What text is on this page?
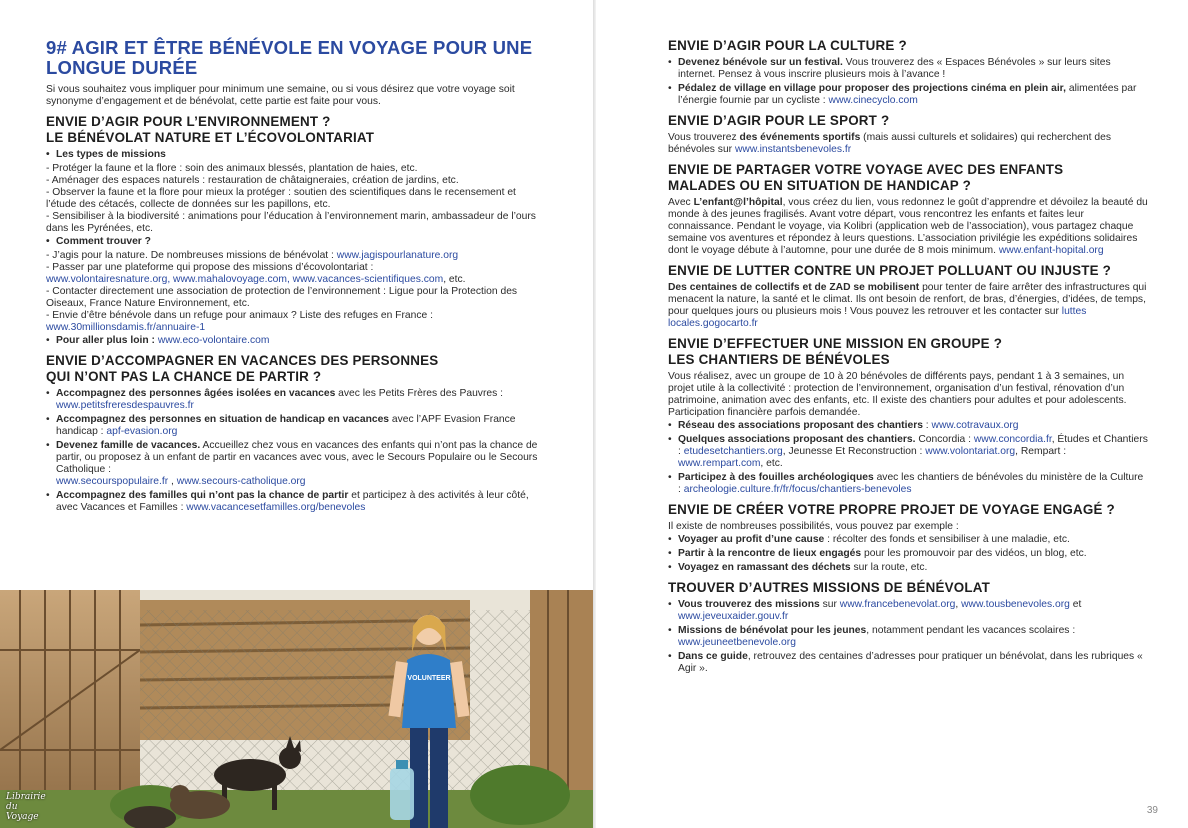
9# AGIR ET ÊTRE BÉNÉVOLE EN VOYAGE POUR UNE LONGUE DURÉE
Si vous souhaitez vous impliquer pour minimum une semaine, ou si vous désirez que votre voyage soit synonyme d’engagement et de bénévolat, cette partie est faite pour vous.
ENVIE D’AGIR POUR L’ENVIRONNEMENT ?
LE BÉNÉVOLAT NATURE ET L’ÉCOVOLONTARIAT
• Les types de missions
- Protéger la faune et la flore : soin des animaux blessés, plantation de haies, etc.
- Aménager des espaces naturels : restauration de châtaigneraies, création de jardins, etc.
- Observer la faune et la flore pour mieux la protéger : soutien des scientifiques dans le recensement et l’étude des cétacés, collecte de données sur les papillons, etc.
- Sensibiliser à la biodiversité : animations pour l’éducation à l’environnement marin, ambassadeur de l’ours dans les Pyrénées, etc.
• Comment trouver ?
- J’agis pour la nature. De nombreuses missions de bénévolat : www.jagispourlanature.org
- Passer par une plateforme qui propose des missions d’écovolontariat :
www.volontairesnature.org, www.mahalovoyage.com, www.vacances-scientifiques.com, etc.
- Contacter directement une association de protection de l’environnement : Ligue pour la Protection des Oiseaux, France Nature Environnement, etc.
- Envie d’être bénévole dans un refuge pour animaux ? Liste des refuges en France :
www.30millionsdamis.fr/annuaire-1
• Pour aller plus loin : www.eco-volontaire.com
ENVIE D’ACCOMPAGNER EN VACANCES DES PERSONNES
QUI N’ONT PAS LA CHANCE DE PARTIR ?
• Accompagnez des personnes âgées isolées en vacances avec les Petits Frères des Pauvres : www.petitsfreresdespauvres.fr
• Accompagnez des personnes en situation de handicap en vacances avec l’APF Evasion France handicap : apf-evasion.org
• Devenez famille de vacances. Accueillez chez vous en vacances des enfants qui n’ont pas la chance de partir, ou proposez à un enfant de partir en vacances avec vous, avec le Secours Populaire ou le Secours Catholique :
www.secourspopulaire.fr , www.secours-catholique.org
• Accompagnez des familles qui n’ont pas la chance de partir et participez à des activités à leur côté, avec Vacances et Familles : www.vacancesetfamilles.org/benevoles
VOLUNTEER
Librairie du Voyage
ENVIE D’AGIR POUR LA CULTURE ?
• Devenez bénévole sur un festival. Vous trouverez des « Espaces Bénévoles » sur leurs sites internet. Pensez à vous inscrire plusieurs mois à l’avance !
• Pédalez de village en village pour proposer des projections cinéma en plein air, alimentées par l’énergie fournie par un cycliste : www.cinecyclo.com
ENVIE D’AGIR POUR LE SPORT ?
Vous trouverez des événements sportifs (mais aussi culturels et solidaires) qui recherchent des bénévoles sur www.instantsbenevoles.fr
ENVIE DE PARTAGER VOTRE VOYAGE AVEC DES ENFANTS
MALADES OU EN SITUATION DE HANDICAP ?
Avec L’enfant@l’hôpital, vous créez du lien, vous redonnez le goût d’apprendre et dévoilez la beauté du monde à des jeunes fragilisés. Avant votre départ, vous rencontrez les enfants et faites leur connaissance. Pendant le voyage, via Kolibri (application web de l’association), vous partagez chaque semaine vos aventures et répondez à leurs questions. L’association privilégie les expéditions solidaires dont le voyage débute à l’automne, pour une durée de 8 mois minimum. www.enfant-hopital.org
ENVIE DE LUTTER CONTRE UN PROJET POLLUANT OU INJUSTE ?
Des centaines de collectifs et de ZAD se mobilisent pour tenter de faire arrêter des infrastructures qui menacent la nature, la santé et le climat. Ils ont besoin de renfort, de bras, d’énergies, d’idées, de temps, pour quelques jours ou plusieurs mois ! Vous pouvez les retrouver et les contacter sur luttes locales.gogocarto.fr
ENVIE D’EFFECTUER UNE MISSION EN GROUPE ?
LES CHANTIERS DE BÉNÉVOLES
Vous réalisez, avec un groupe de 10 à 20 bénévoles de différents pays, pendant 1 à 3 semaines, un projet utile à la collectivité : protection de l’environnement, organisation d’un festival, rénovation d’un patrimoine, animation avec des enfants, etc. Il existe des chantiers pour adultes et pour adolescents. Participation financière parfois demandée.
• Réseau des associations proposant des chantiers : www.cotravaux.org
• Quelques associations proposant des chantiers. Concordia : www.concordia.fr, Études et Chantiers : etudesetchantiers.org, Jeunesse Et Reconstruction : www.volontariat.org, Rempart : www.rempart.com, etc.
• Participez à des fouilles archéologiques avec les chantiers de bénévoles du ministère de la Culture : archeologie.culture.fr/fr/focus/chantiers-benevoles
ENVIE DE CRÉER VOTRE PROPRE PROJET DE VOYAGE ENGAGÉ ?
Il existe de nombreuses possibilités, vous pouvez par exemple :
• Voyager au profit d’une cause : récolter des fonds et sensibiliser à une maladie, etc.
• Partir à la rencontre de lieux engagés pour les promouvoir par des vidéos, un blog, etc.
• Voyagez en ramassant des déchets sur la route, etc.
TROUVER D’AUTRES MISSIONS DE BÉNÉVOLAT
• Vous trouverez des missions sur www.francebenevolat.org, www.tousbenevoles.org et www.jeveuxaider.gouv.fr
• Missions de bénévolat pour les jeunes, notamment pendant les vacances scolaires : www.jeuneetbenevole.org
• Dans ce guide, retrouvez des centaines d’adresses pour pratiquer un bénévolat, dans les rubriques « Agir ».
39
